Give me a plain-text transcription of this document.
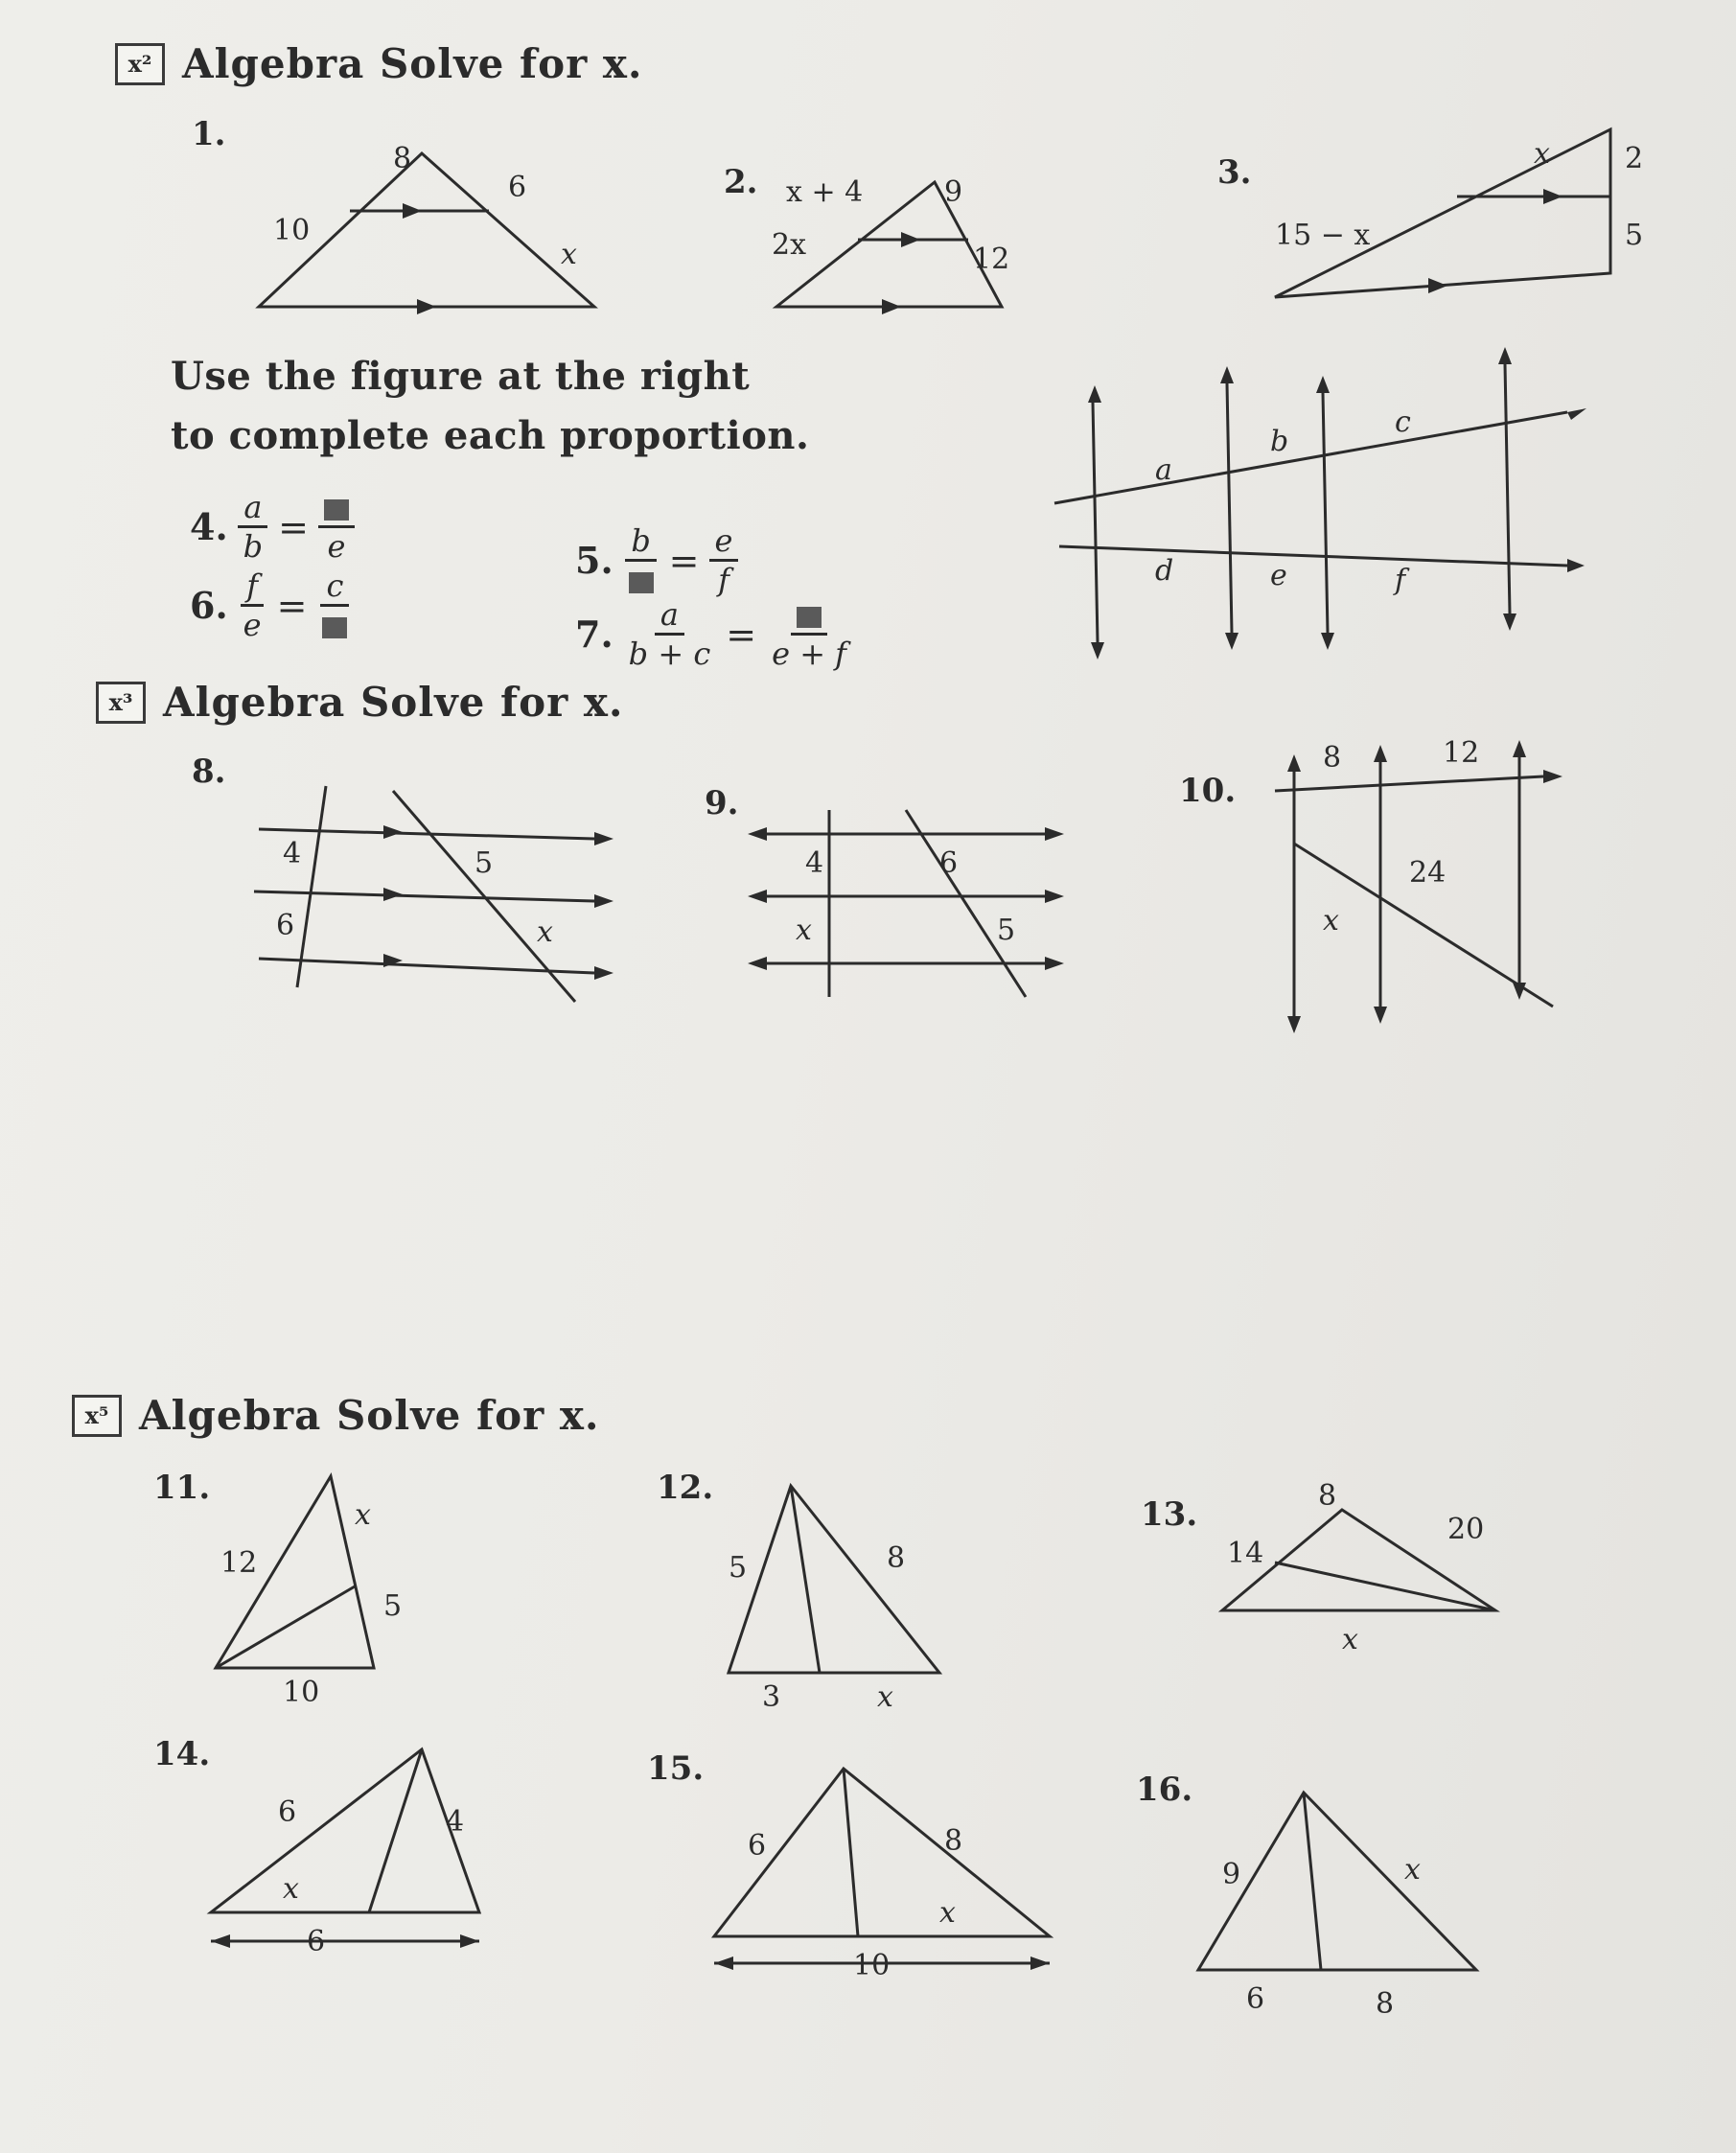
x² Algebra Solve for x.
1.
8
6
10
x
2. x + 4	9
2x	12
3.	x	2
15 − x	5
Use the figure at the right
to complete each proportion.
4. $\frac{a}{b} = e$	5. $b = \frac{e}{f}$
6. $\frac{f}{e} = c$
7. $\frac{a}{b + c} = e + f$
a
b
c
d	e	f
x³ Algebra Solve for x.
8.
4	5
6	x
9.
4	6
x	5
10.
8	12
24
x
x⁵ Algebra Solve for x.
11.
x
12
5
10
12.
5	8
3	x
13.	8
20
14
x
14.
6	4
x
6
15.
6	8
x
10
16.
9	x
6	8
